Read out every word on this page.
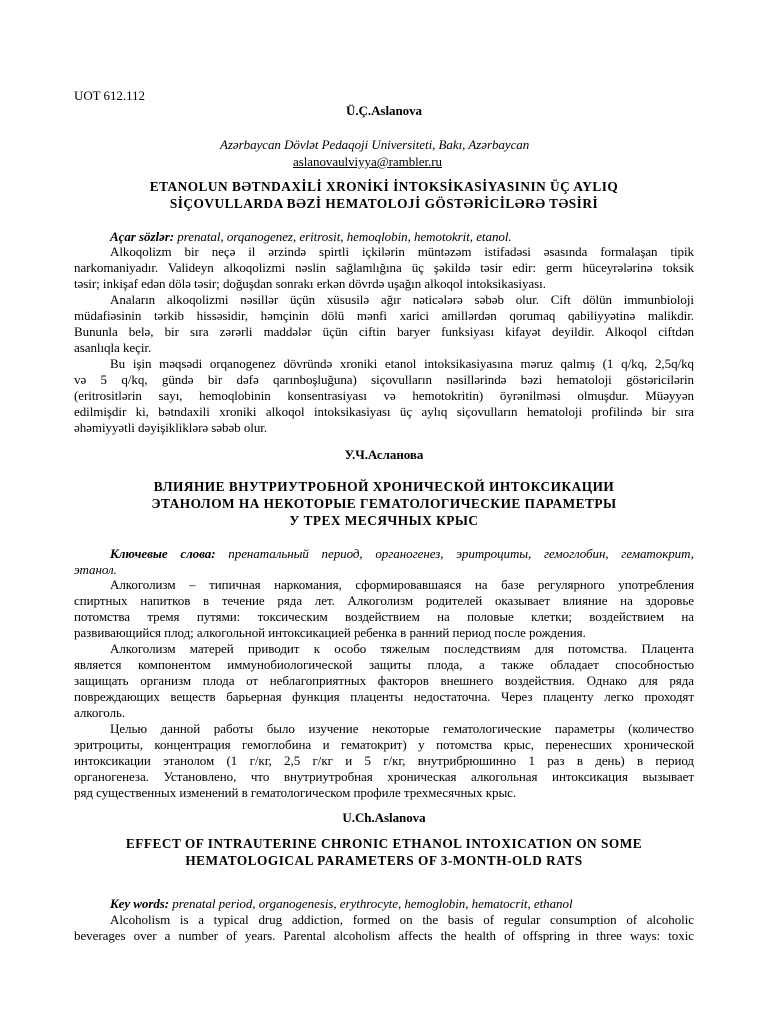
UOT 612.112
Ü.Ç.Aslanova
Azərbaycan Dövlət Pedaqoji Universiteti, Bakı, Azərbaycan
aslanovaulviyya@rambler.ru
ETANOLUN BƏTNDAXİLİ XRONİKİ İNTOKSİKASİYASININ ÜÇ AYLIQ
SİÇOVULLARDA BƏZİ HEMATOLOJİ GÖSTƏRİCİLƏRƏ TƏSİRİ
Açar sözlər: prenatal, orqanogenez, eritrosit, hemoqlobin, hemotokrit, etanol.
Alkoqolizm bir neçə il ərzində spirtli içkilərin müntəzəm istifadəsi əsasında formalaşan tipik
narkomaniyadır. Valideyn alkoqolizmi nəslin sağlamlığına üç şəkildə təsir edir: germ hüceyrələrinə toksik
təsir; inkişaf edən dölə təsir; doğuşdan sonrakı erkən dövrdə uşağın alkoqol intoksikasiyası.
Anaların alkoqolizmi nəsillər üçün xüsusilə ağır nəticələrə səbəb olur. Cift dölün immunbioloji
müdafiəsinin tərkib hissəsidir, həmçinin dölü mənfi xarici amillərdən qorumaq qabiliyyətinə malikdir.
Bununla belə, bir sıra zərərli maddələr üçün ciftin baryer funksiyası kifayət deyildir. Alkoqol ciftdən
asanlıqla keçir.
Bu işin məqsədi orqanogenez dövründə xroniki etanol intoksikasiyasına məruz qalmış (1 q/kq, 2,5q/kq
və 5 q/kq, gündə bir dəfə qarınboşluğuna) siçovulların nəsillərində bəzi hematoloji göstəricilərin
(eritrositlərin sayı, hemoqlobinin konsentrasiyası və hemotokritin) öyrənilməsi olmuşdur. Müəyyən
edilmişdir ki, bətndaxili xroniki alkoqol intoksikasiyası üç aylıq siçovulların hematoloji profilində bir sıra
əhəmiyyətli dəyişikliklərə səbəb olur.
У.Ч.Асланова
ВЛИЯНИЕ ВНУТРИУТРОБНОЙ ХРОНИЧЕСКОЙ ИНТОКСИКАЦИИ
ЭТАНОЛОМ НА НЕКОТОРЫЕ ГЕМАТОЛОГИЧЕСКИЕ ПАРАМЕТРЫ
У ТРЕХ МЕСЯЧНЫХ КРЫС
Ключевые слова: пренатальный период, органогенез, эритроциты, гемоглобин, гематокрит,
этанол.
Алкоголизм – типичная наркомания, сформировавшаяся на базе регулярного употребления
спиртных напитков в течение ряда лет. Алкоголизм родителей оказывает влияние на здоровье
потомства тремя путями: токсическим воздействием на половые клетки; воздействием на
развивающийся плод; алкогольной интоксикацией ребенка в ранний период после рождения.
Алкоголизм матерей приводит к особо тяжелым последствиям для потомства. Плацента
является компонентом иммунобиологической защиты плода, а также обладает способностью
защищать организм плода от неблагоприятных факторов внешнего воздействия. Однако для ряда
повреждающих веществ барьерная функция плаценты недостаточна. Через плаценту легко проходят
алкоголь.
Целью данной работы было изучение некоторые гематологические параметры (количество
эритроциты, концентрация гемоглобина и гематокрит) у потомства крыс, перенесших хронической
интоксикации этанолом (1 г/кг, 2,5 г/кг и 5 г/кг, внутрибрюшинно 1 раз в день) в период
органогенеза. Установлено, что внутриутробная хроническая алкогольная интоксикация вызывает
ряд существенных изменений в гематологическом профиле трехмесячных крыс.
U.Ch.Aslanova
EFFECT OF INTRAUTERINE CHRONIC ETHANOL INTOXICATION ON SOME
HEMATOLOGICAL PARAMETERS OF 3-MONTH-OLD RATS
Key words: prenatal period, organogenesis, erythrocyte, hemoglobin, hematocrit, ethanol
Alcoholism is a typical drug addiction, formed on the basis of regular consumption of alcoholic
beverages over a number of years. Parental alcoholism affects the health of offspring in three ways: toxic
